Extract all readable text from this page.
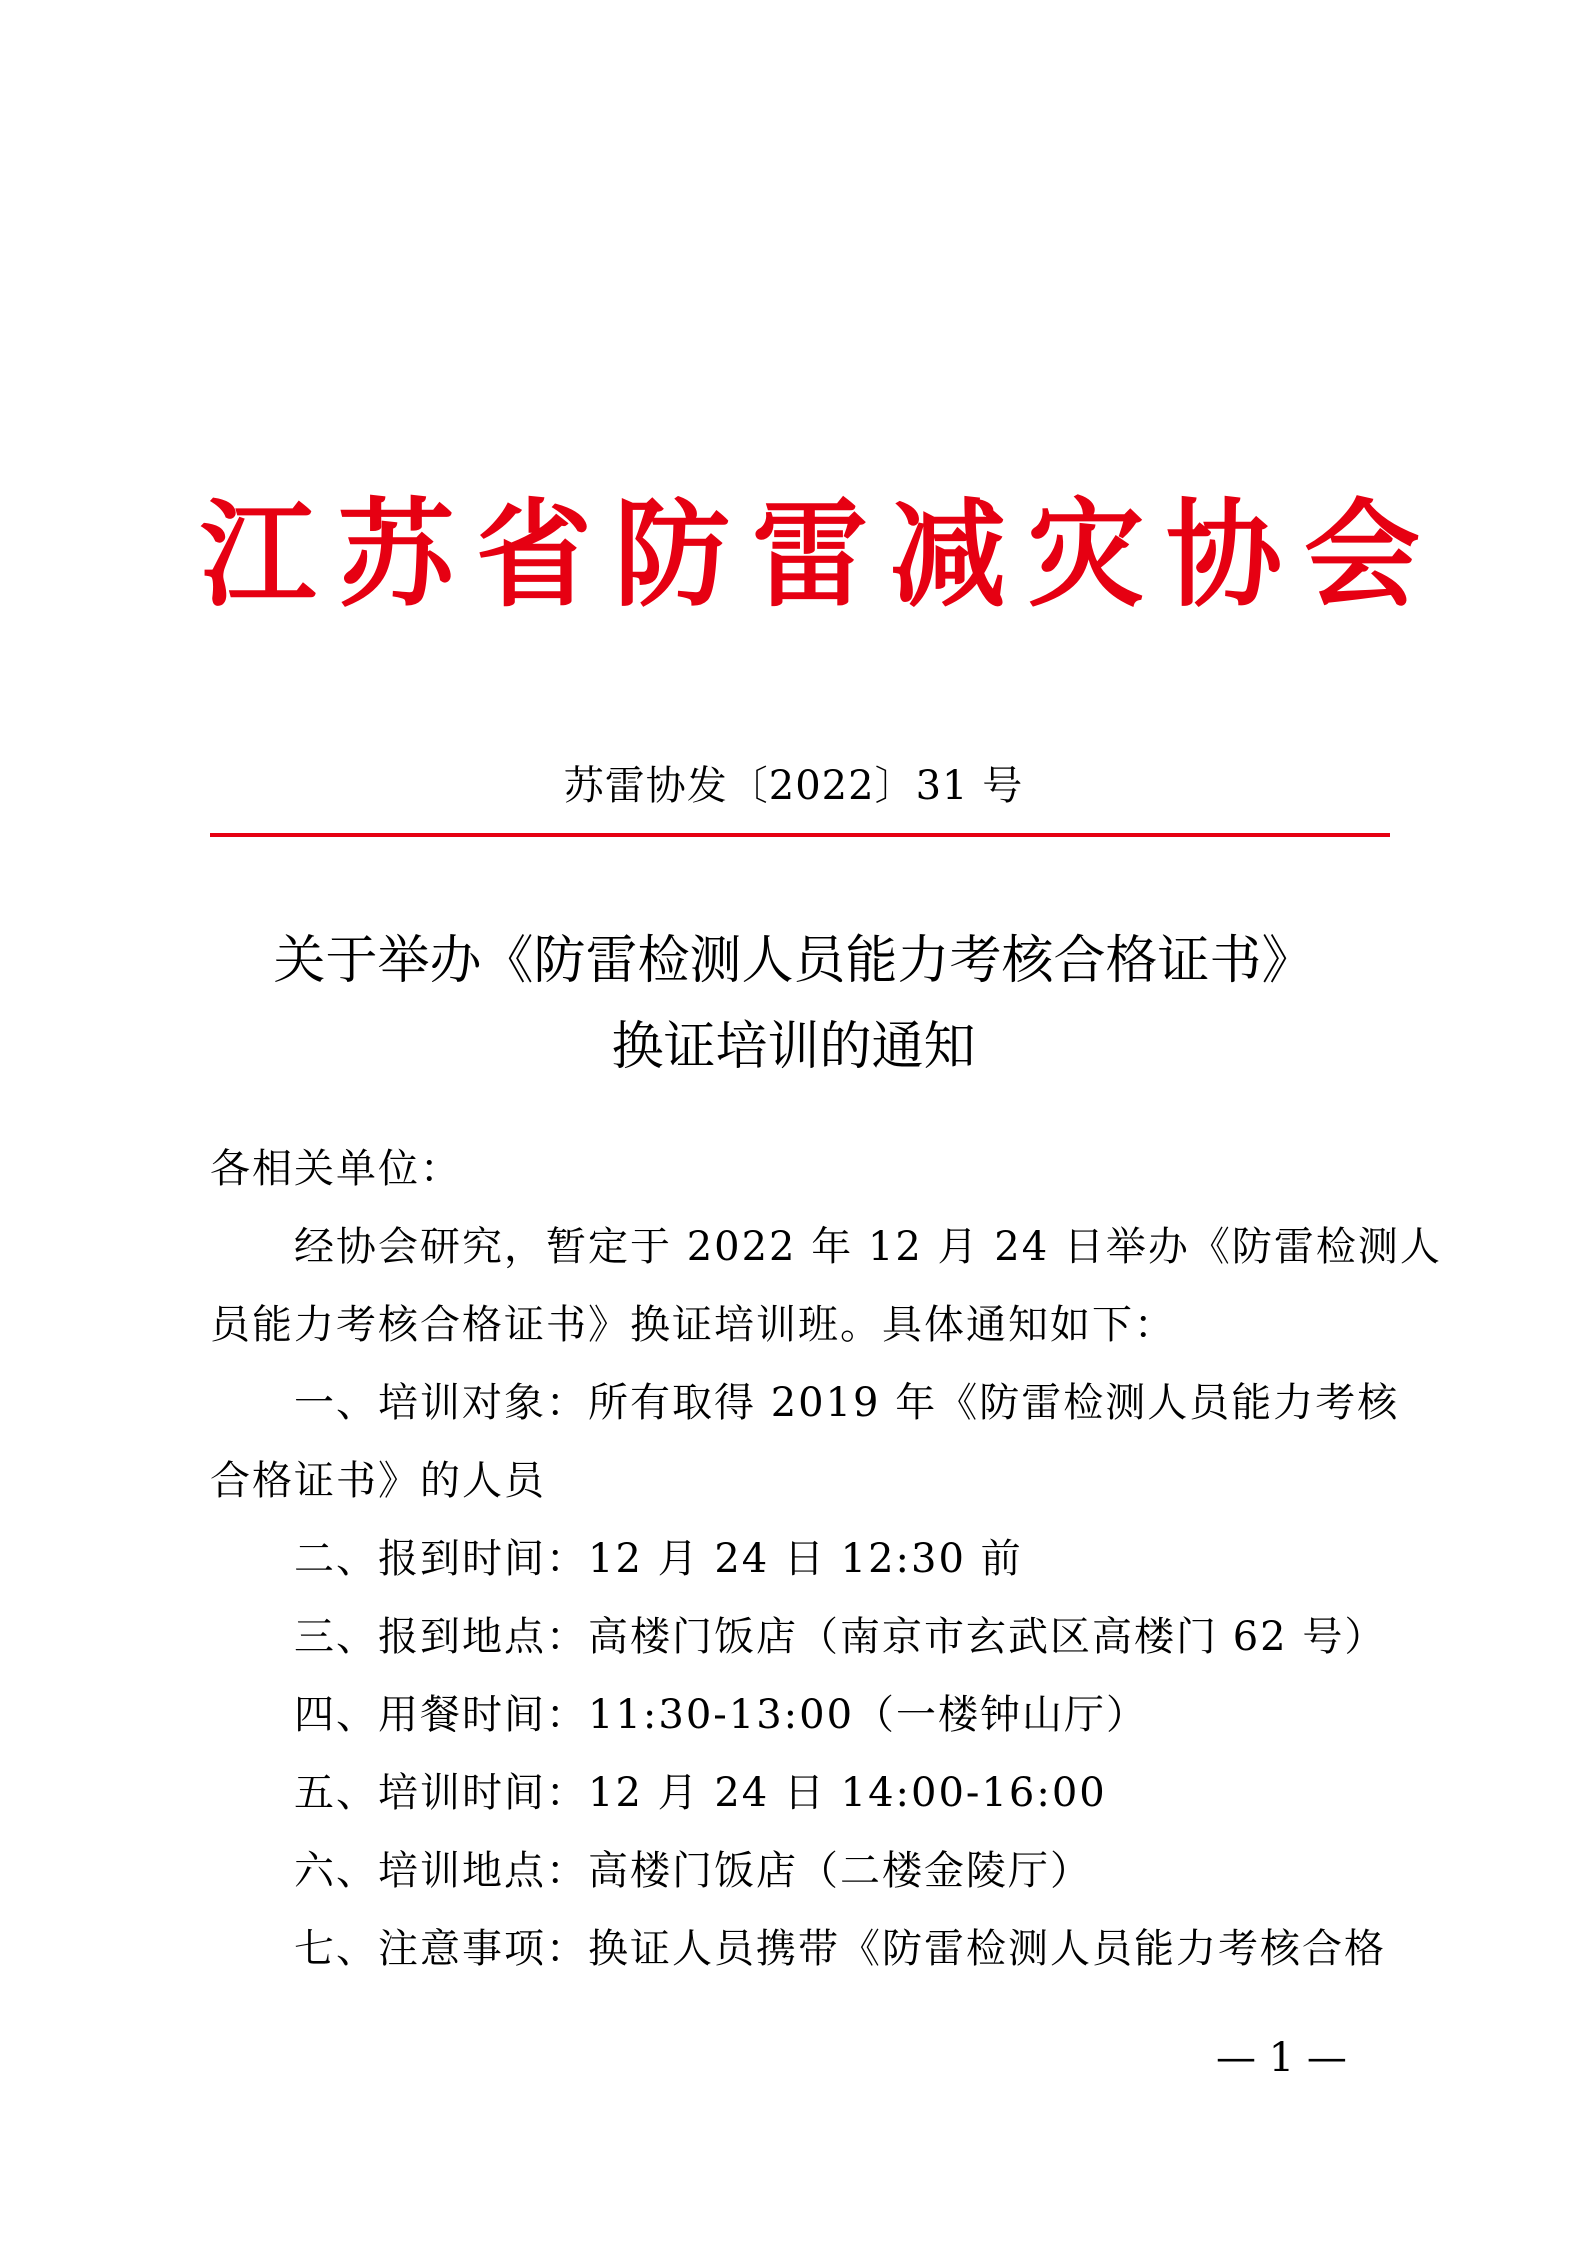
江苏省防雷减灾协会
苏雷协发〔2022〕31 号
关于举办《防雷检测人员能力考核合格证书》
换证培训的通知
各相关单位：
经协会研究，暂定于 2022 年 12 月 24 日举办《防雷检测人
员能力考核合格证书》换证培训班。具体通知如下：
一、培训对象：所有取得 2019 年《防雷检测人员能力考核
合格证书》的人员
二、报到时间：12 月 24 日 12:30 前
三、报到地点：高楼门饭店（南京市玄武区高楼门 62 号）
四、用餐时间：11:30-13:00（一楼钟山厅）
五、培训时间：12 月 24 日 14:00-16:00
六、培训地点：高楼门饭店（二楼金陵厅）
七、注意事项：换证人员携带《防雷检测人员能力考核合格
— 1 —
